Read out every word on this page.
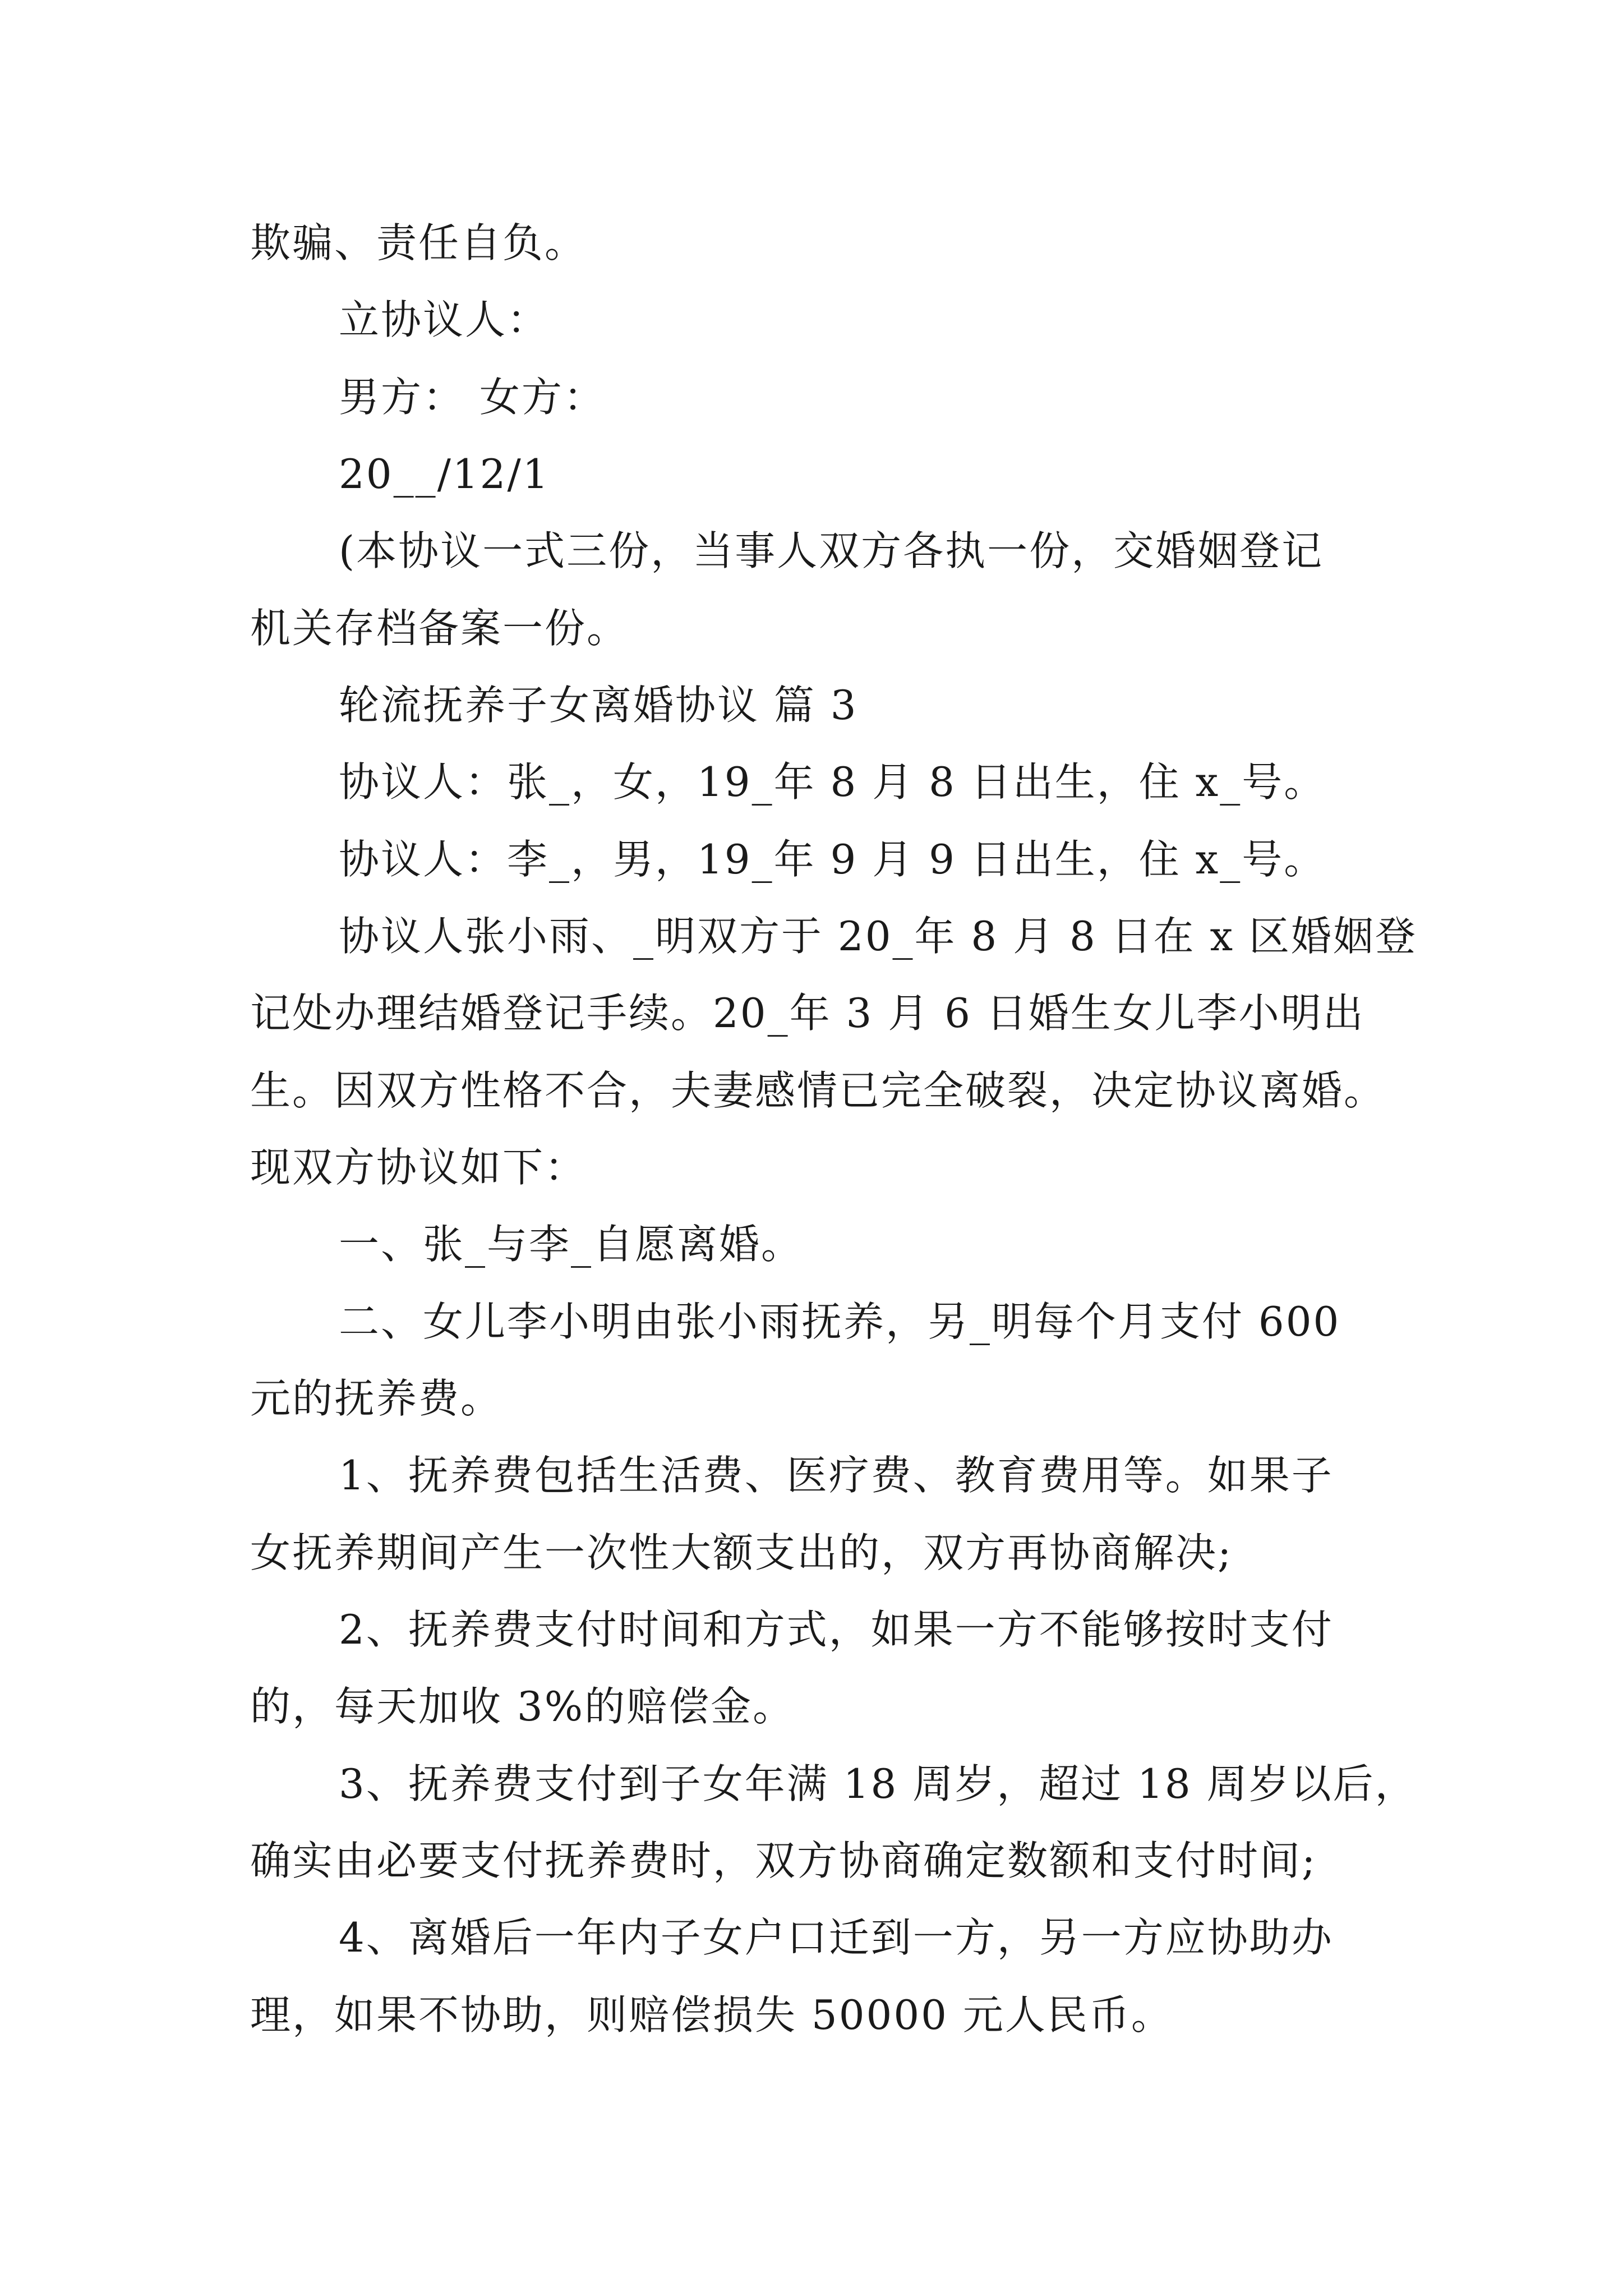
欺骗、责任自负。
立协议人：
男方： 女方：
20__/12/1
(本协议一式三份，当事人双方各执一份，交婚姻登记
机关存档备案一份。
轮流抚养子女离婚协议 篇 3
协议人：张_，女，19_年 8 月 8 日出生，住 x_号。
协议人：李_，男，19_年 9 月 9 日出生，住 x_号。
协议人张小雨、_明双方于 20_年 8 月 8 日在 x 区婚姻登
记处办理结婚登记手续。20_年 3 月 6 日婚生女儿李小明出
生。因双方性格不合，夫妻感情已完全破裂，决定协议离婚。
现双方协议如下：
一、张_与李_自愿离婚。
二、女儿李小明由张小雨抚养，另_明每个月支付 600
元的抚养费。
1、抚养费包括生活费、医疗费、教育费用等。如果子
女抚养期间产生一次性大额支出的，双方再协商解决;
2、抚养费支付时间和方式，如果一方不能够按时支付
的，每天加收 3%的赔偿金。
3、抚养费支付到子女年满 18 周岁，超过 18 周岁以后，
确实由必要支付抚养费时，双方协商确定数额和支付时间;
4、离婚后一年内子女户口迁到一方，另一方应协助办
理，如果不协助，则赔偿损失 50000 元人民币。
